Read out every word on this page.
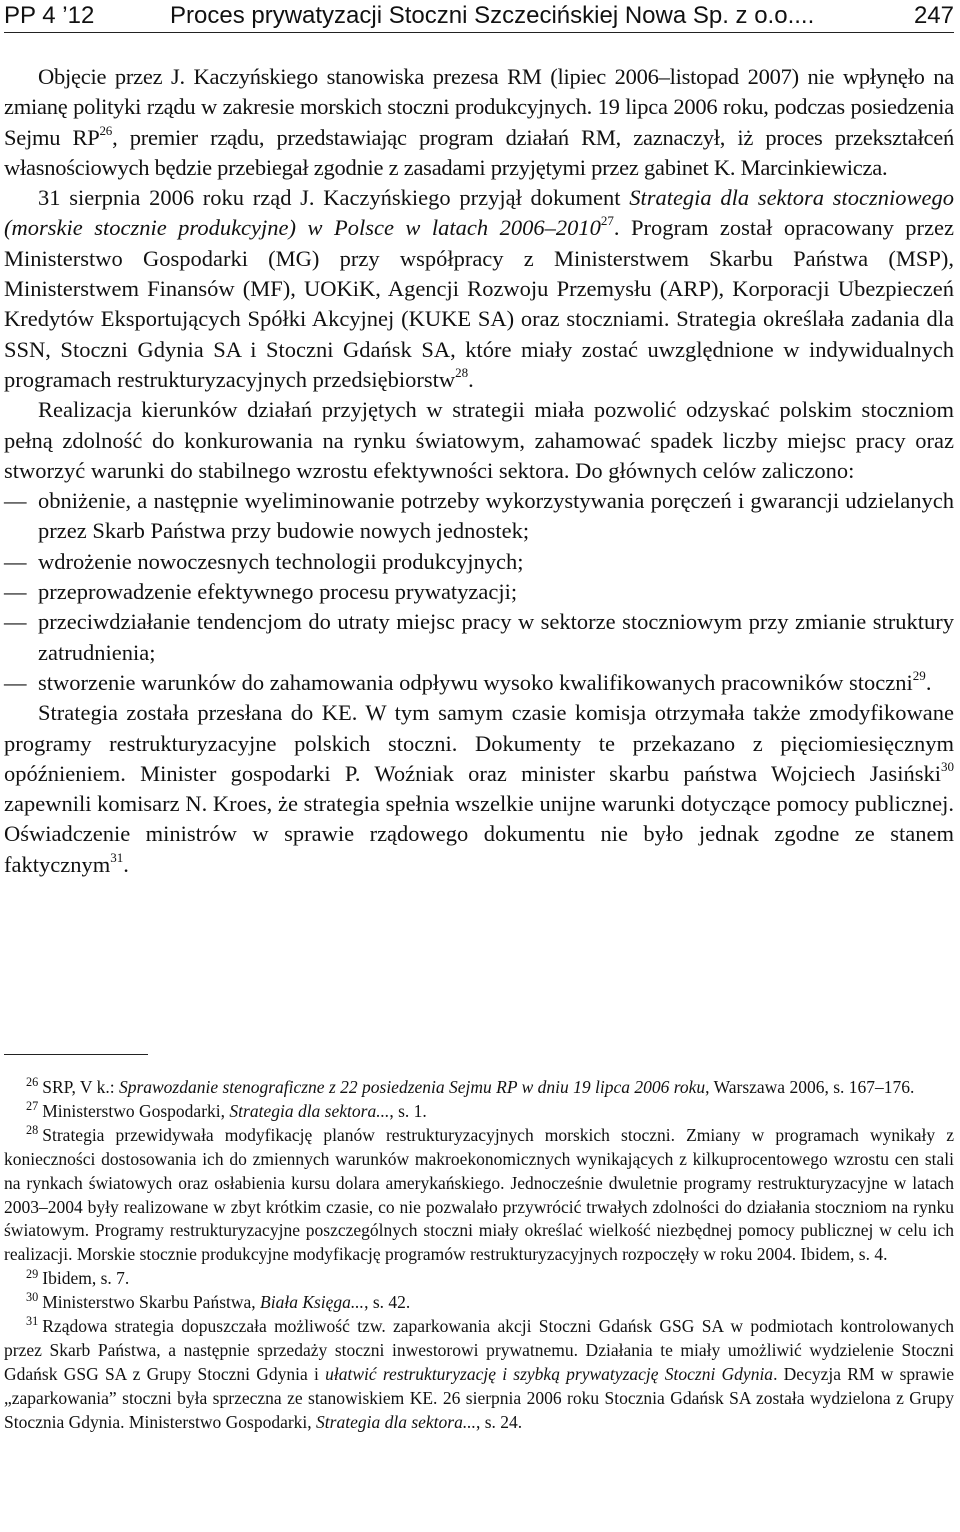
PP 4 ’12	Proces prywatyzacji Stoczni Szczecińskiej Nowa Sp. z o.o....	247

Objęcie przez J. Kaczyńskiego stanowiska prezesa RM (lipiec 2006–listopad 2007) nie wpłynęło na zmianę polityki rządu w zakresie morskich stoczni produkcyjnych. 19 lipca 2006 roku, podczas posiedzenia Sejmu RP$^{26}$, premier rządu, przedstawiając program działań RM, zaznaczył, iż proces przekształceń własnościowych będzie przebiegał zgodnie z zasadami przyjętymi przez gabinet K. Marcinkiewicza.

31 sierpnia 2006 roku rząd J. Kaczyńskiego przyjął dokument Strategia dla sektora stoczniowego (morskie stocznie produkcyjne) w Polsce w latach 2006–2010$^{27}$. Program został opracowany przez Ministerstwo Gospodarki (MG) przy współpracy z Ministerstwem Skarbu Państwa (MSP), Ministerstwem Finansów (MF), UOKiK, Agencji Rozwoju Przemysłu (ARP), Korporacji Ubezpieczeń Kredytów Eksportujących Spółki Akcyjnej (KUKE SA) oraz stoczniami. Strategia określała zadania dla SSN, Stoczni Gdynia SA i Stoczni Gdańsk SA, które miały zostać uwzględnione w indywidualnych programach restrukturyzacyjnych przedsiębiorstw$^{28}$.

Realizacja kierunków działań przyjętych w strategii miała pozwolić odzyskać polskim stoczniom pełną zdolność do konkurowania na rynku światowym, zahamować spadek liczby miejsc pracy oraz stworzyć warunki do stabilnego wzrostu efektywności sektora. Do głównych celów zaliczono:

— obniżenie, a następnie wyeliminowanie potrzeby wykorzystywania poręczeń i gwarancji udzielanych przez Skarb Państwa przy budowie nowych jednostek;
— wdrożenie nowoczesnych technologii produkcyjnych;
— przeprowadzenie efektywnego procesu prywatyzacji;
— przeciwdziałanie tendencjom do utraty miejsc pracy w sektorze stoczniowym przy zmianie struktury zatrudnienia;
— stworzenie warunków do zahamowania odpływu wysoko kwalifikowanych pracowników stoczni$^{29}$.

Strategia została przesłana do KE. W tym samym czasie komisja otrzymała także zmodyfikowane programy restrukturyzacyjne polskich stoczni. Dokumenty te przekazano z pięciomiesięcznym opóźnieniem. Minister gospodarki P. Woźniak oraz minister skarbu państwa Wojciech Jasiński$^{30}$ zapewnili komisarz N. Kroes, że strategia spełnia wszelkie unijne warunki dotyczące pomocy publicznej. Oświadczenie ministrów w sprawie rządowego dokumentu nie było jednak zgodne ze stanem faktycznym$^{31}$.

$^{26}$ SRP, V k.: Sprawozdanie stenograficzne z 22 posiedzenia Sejmu RP w dniu 19 lipca 2006 roku, Warszawa 2006, s. 167–176.

$^{27}$ Ministerstwo Gospodarki, Strategia dla sektora..., s. 1.

$^{28}$ Strategia przewidywała modyfikację planów restrukturyzacyjnych morskich stoczni. Zmiany w programach wynikały z konieczności dostosowania ich do zmiennych warunków makroekonomicznych wynikających z kilkuprocentowego wzrostu cen stali na rynkach światowych oraz osłabienia kursu dolara amerykańskiego. Jednocześnie dwuletnie programy restrukturyzacyjne w latach 2003–2004 były realizowane w zbyt krótkim czasie, co nie pozwalało przywrócić trwałych zdolności do działania stoczniom na rynku światowym. Programy restrukturyzacyjne poszczególnych stoczni miały określać wielkość niezbędnej pomocy publicznej w celu ich realizacji. Morskie stocznie produkcyjne modyfikację programów restrukturyzacyjnych rozpoczęły w roku 2004. Ibidem, s. 4.

$^{29}$ Ibidem, s. 7.

$^{30}$ Ministerstwo Skarbu Państwa, Biała Księga..., s. 42.

$^{31}$ Rządowa strategia dopuszczała możliwość tzw. zaparkowania akcji Stoczni Gdańsk GSG SA w podmiotach kontrolowanych przez Skarb Państwa, a następnie sprzedaży stoczni inwestorowi prywatnemu. Działania te miały umożliwić wydzielenie Stoczni Gdańsk GSG SA z Grupy Stoczni Gdynia i ułatwić restrukturyzację i szybką prywatyzację Stoczni Gdynia. Decyzja RM w sprawie „zaparkowania” stoczni była sprzeczna ze stanowiskiem KE. 26 sierpnia 2006 roku Stocznia Gdańsk SA została wydzielona z Grupy Stocznia Gdynia. Ministerstwo Gospodarki, Strategia dla sektora..., s. 24.
